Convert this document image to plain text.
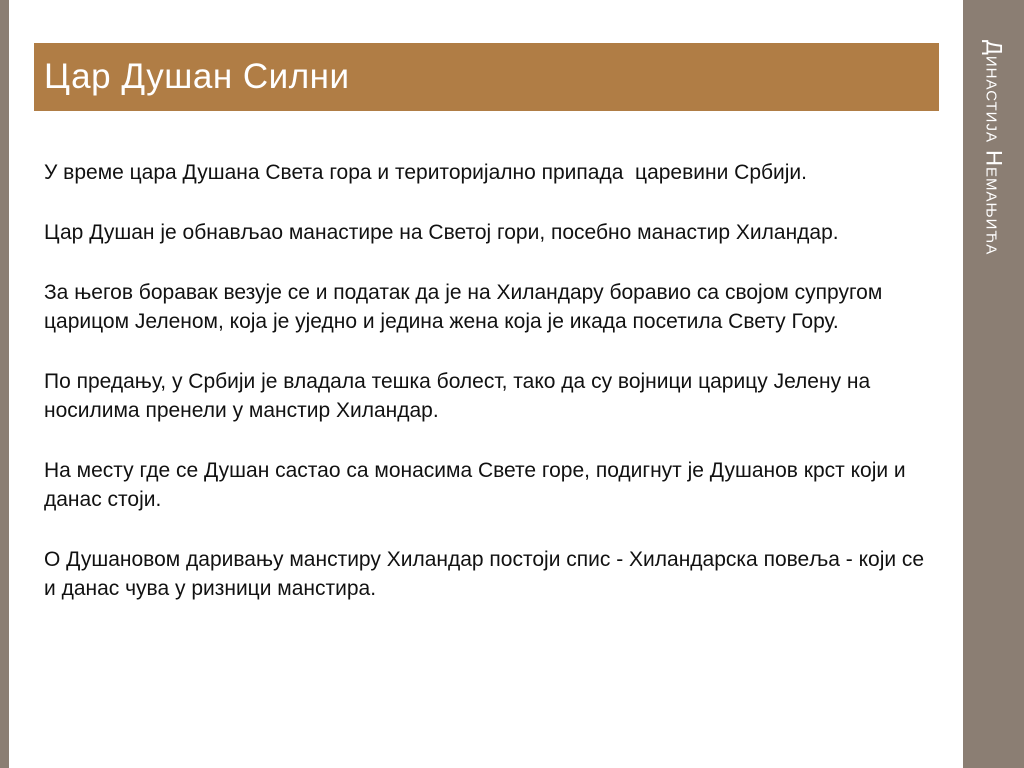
Цар Душан Силни

У време цара Душана Света гора и територијално припада  царевини Србији.

Цар Душан је обнављао манастире на Светој гори, посебно манастир Хиландар.

За његов боравак везује се и податак да је на Хиландару боравио са својом супругом царицом Јеленом, која је уједно и једина жена која је икада посетила Свету Гору.

По предању, у Србији је владала тешка болест, тако да су војници царицу Јелену на носилима пренели у манстир Хиландар.

На месту где се Душан састао са монасима Свете горе, подигнут је Душанов крст који и данас стоји.

О Душановом даривању манстиру Хиландар постоји спис - Хиландарска повеља - који се и данас чува у ризници манстира.

Династија Немањића
